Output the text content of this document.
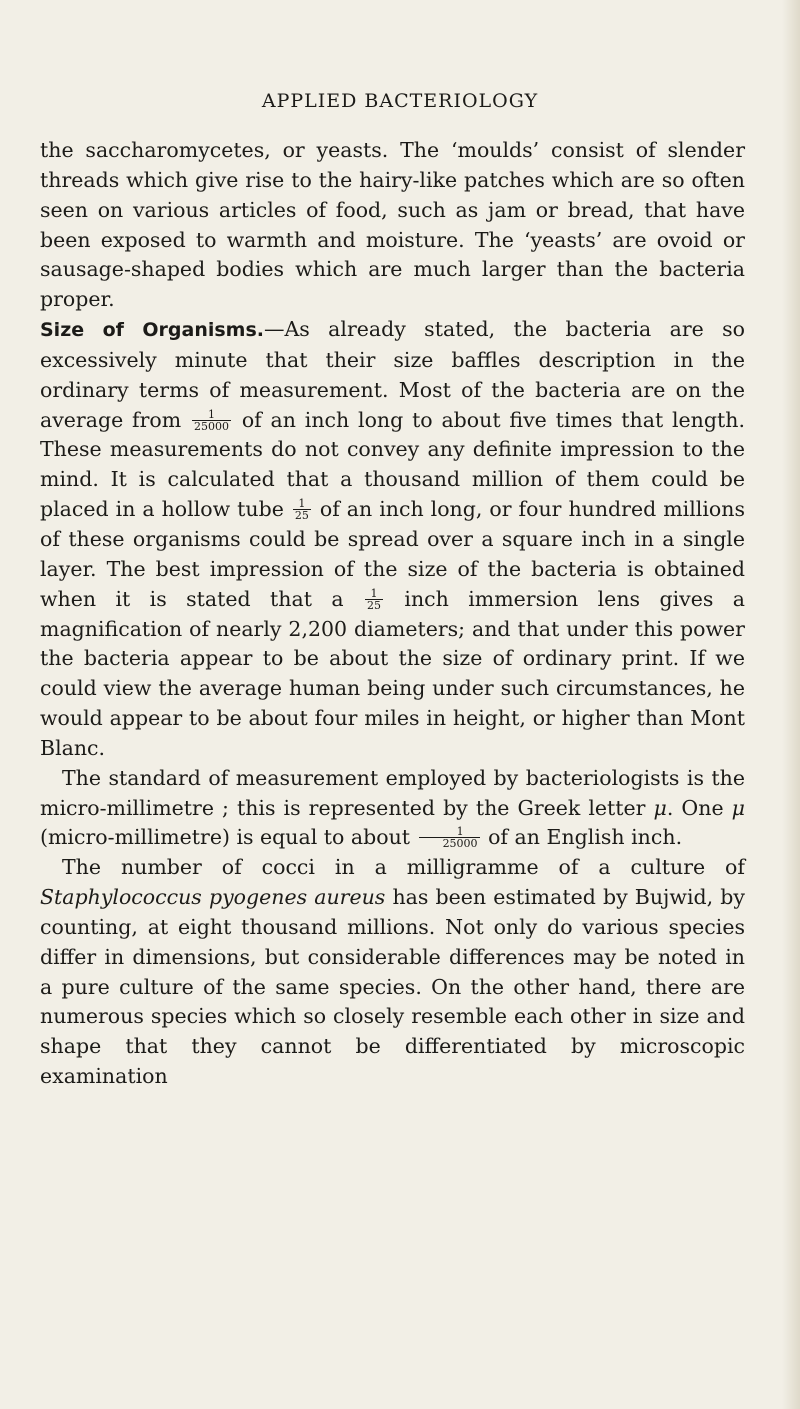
APPLIED BACTERIOLOGY

the saccharomycetes, or yeasts. The ‘moulds’ consist of slender threads which give rise to the hairy-like patches which are so often seen on various articles of food, such as jam or bread, that have been exposed to warmth and moisture. The ‘yeasts’ are ovoid or sausage-shaped bodies which are much larger than the bacteria proper.

Size of Organisms.—As already stated, the bacteria are so excessively minute that their size baffles description in the ordinary terms of measurement. Most of the bacteria are on the average from $\frac{1}{25000}$ of an inch long to about five times that length. These measurements do not convey any definite impression to the mind. It is calculated that a thousand million of them could be placed in a hollow tube $\frac{1}{25}$ of an inch long, or four hundred millions of these organisms could be spread over a square inch in a single layer. The best impression of the size of the bacteria is obtained when it is stated that a $\frac{1}{25}$ inch immersion lens gives a magnification of nearly 2,200 diameters; and that under this power the bacteria appear to be about the size of ordinary print. If we could view the average human being under such circumstances, he would appear to be about four miles in height, or higher than Mont Blanc.

The standard of measurement employed by bacteriologists is the micro-millimetre ; this is represented by the Greek letter μ. One μ (micro-millimetre) is equal to about $\frac{1}{25000}$ of an English inch.

The number of cocci in a milligramme of a culture of Staphylococcus pyogenes aureus has been estimated by Bujwid, by counting, at eight thousand millions. Not only do various species differ in dimensions, but considerable differences may be noted in a pure culture of the same species. On the other hand, there are numerous species which so closely resemble each other in size and shape that they cannot be differentiated by microscopic examination
